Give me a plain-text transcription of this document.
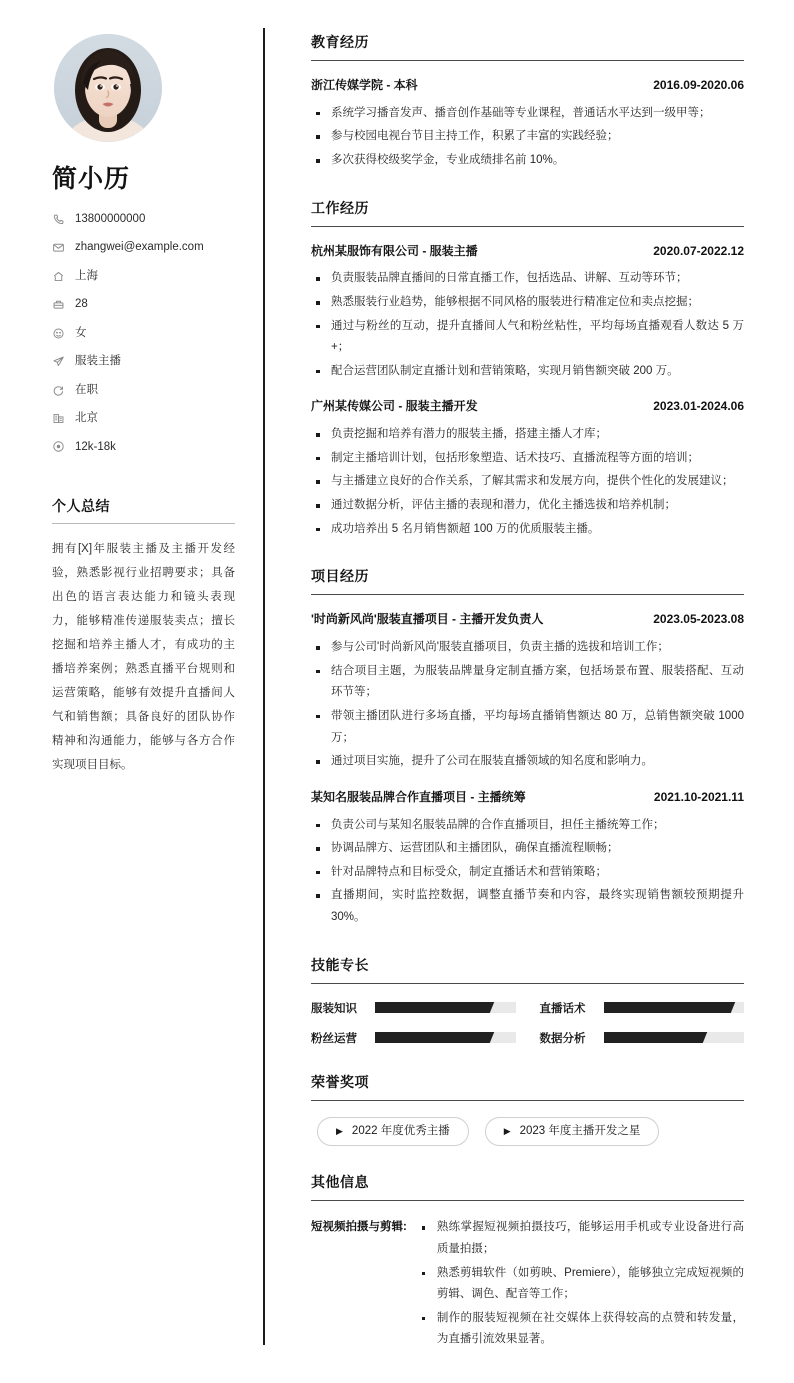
简小历
13800000000
zhangwei@example.com
上海
28
女
服装主播
在职
北京
12k-18k
个人总结

拥有[X]年服装主播及主播开发经验，熟悉影视行业招聘要求；具备出色的语言表达能力和镜头表现力，能够精准传递服装卖点；擅长挖掘和培养主播人才，有成功的主播培养案例；熟悉直播平台规则和运营策略，能够有效提升直播间人气和销售额；具备良好的团队协作精神和沟通能力，能够与各方合作实现项目目标。

教育经历
浙江传媒学院 - 本科	2016.09-2020.06
系统学习播音发声、播音创作基础等专业课程，普通话水平达到一级甲等；
参与校园电视台节目主持工作，积累了丰富的实践经验；
多次获得校级奖学金，专业成绩排名前 10%。
工作经历
杭州某服饰有限公司 - 服装主播	2020.07-2022.12
负责服装品牌直播间的日常直播工作，包括选品、讲解、互动等环节；
熟悉服装行业趋势，能够根据不同风格的服装进行精准定位和卖点挖掘；
通过与粉丝的互动，提升直播间人气和粉丝粘性，平均每场直播观看人数达 5 万+；
配合运营团队制定直播计划和营销策略，实现月销售额突破 200 万。
广州某传媒公司 - 服装主播开发	2023.01-2024.06
负责挖掘和培养有潜力的服装主播，搭建主播人才库；
制定主播培训计划，包括形象塑造、话术技巧、直播流程等方面的培训；
与主播建立良好的合作关系，了解其需求和发展方向，提供个性化的发展建议；
通过数据分析，评估主播的表现和潜力，优化主播选拔和培养机制；
成功培养出 5 名月销售额超 100 万的优质服装主播。
项目经历
'时尚新风尚'服装直播项目 - 主播开发负责人	2023.05-2023.08
参与公司'时尚新风尚'服装直播项目，负责主播的选拔和培训工作；
结合项目主题，为服装品牌量身定制直播方案，包括场景布置、服装搭配、互动环节等；
带领主播团队进行多场直播，平均每场直播销售额达 80 万，总销售额突破 1000 万；
通过项目实施，提升了公司在服装直播领域的知名度和影响力。
某知名服装品牌合作直播项目 - 主播统筹	2021.10-2021.11
负责公司与某知名服装品牌的合作直播项目，担任主播统筹工作；
协调品牌方、运营团队和主播团队，确保直播流程顺畅；
针对品牌特点和目标受众，制定直播话术和营销策略；
直播期间，实时监控数据，调整直播节奏和内容，最终实现销售额较预期提升 30%。
技能专长
服装知识	直播话术
粉丝运营	数据分析
荣誉奖项
▶ 2022 年度优秀主播	▶ 2023 年度主播开发之星
其他信息
短视频拍摄与剪辑:	熟练掌握短视频拍摄技巧，能够运用手机或专业设备进行高质量拍摄；
熟悉剪辑软件（如剪映、Premiere），能够独立完成短视频的剪辑、调色、配音等工作；
制作的服装短视频在社交媒体上获得较高的点赞和转发量，为直播引流效果显著。
